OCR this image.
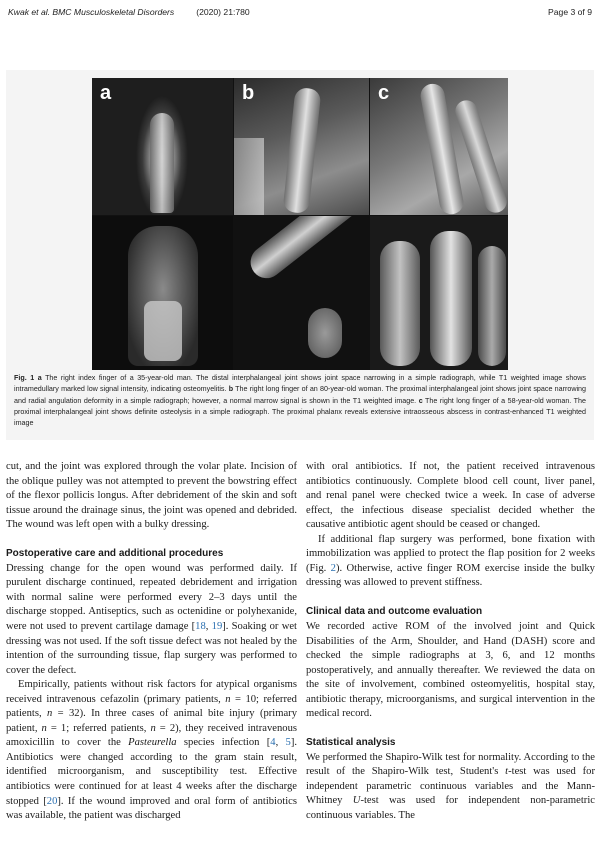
Kwak et al. BMC Musculoskeletal Disorders	(2020) 21:780	Page 3 of 9
a	b	c
Fig. 1 a The right index finger of a 35-year-old man. The distal interphalangeal joint shows joint space narrowing in a simple radiograph, while T1 weighted image shows intramedullary marked low signal intensity, indicating osteomyelitis. b The right long finger of an 80-year-old woman. The proximal interphalangeal joint shows joint space narrowing and radial angulation deformity in a simple radiograph; however, a normal marrow signal is shown in the T1 weighted image. c The right long finger of a 58-year-old woman. The proximal interphalangeal joint shows definite osteolysis in a simple radiograph. The proximal phalanx reveals extensive intraosseous abscess in contrast-enhanced T1 weighted image

cut, and the joint was explored through the volar plate. Incision of the oblique pulley was not attempted to prevent the bowstring effect of the flexor pollicis longus. After debridement of the skin and soft tissue around the drainage sinus, the joint was opened and debrided. The wound was left open with a bulky dressing.

Postoperative care and additional procedures

Dressing change for the open wound was performed daily. If purulent discharge continued, repeated debridement and irrigation with normal saline were performed every 2–3 days until the discharge stopped. Antiseptics, such as octenidine or polyhexanide, were not used to prevent cartilage damage [18, 19]. Soaking or wet dressing was not used. If the soft tissue defect was not healed by the intention of the surrounding tissue, flap surgery was performed to cover the defect.

Empirically, patients without risk factors for atypical organisms received intravenous cefazolin (primary patients, n = 10; referred patients, n = 32). In three cases of animal bite injury (primary patient, n = 1; referred patients, n = 2), they received intravenous amoxicillin to cover the Pasteurella species infection [4, 5]. Antibiotics were changed according to the gram stain result, identified microorganism, and susceptibility test. Effective antibiotics were continued for at least 4 weeks after the discharge stopped [20]. If the wound improved and oral form of antibiotics was available, the patient was discharged

with oral antibiotics. If not, the patient received intravenous antibiotics continuously. Complete blood cell count, liver panel, and renal panel were checked twice a week. In case of adverse effect, the infectious disease specialist decided whether the causative antibiotic agent should be ceased or changed.

If additional flap surgery was performed, bone fixation with immobilization was applied to protect the flap position for 2 weeks (Fig. 2). Otherwise, active finger ROM exercise inside the bulky dressing was allowed to prevent stiffness.

Clinical data and outcome evaluation

We recorded active ROM of the involved joint and Quick Disabilities of the Arm, Shoulder, and Hand (DASH) score and checked the simple radiographs at 3, 6, and 12 months postoperatively, and annually thereafter. We reviewed the data on the site of involvement, combined osteomyelitis, hospital stay, antibiotic therapy, microorganisms, and surgical intervention in the medical record.

Statistical analysis

We performed the Shapiro-Wilk test for normality. According to the result of the Shapiro-Wilk test, Student's t-test was used for independent parametric continuous variables and the Mann-Whitney U-test was used for independent non-parametric continuous variables. The
